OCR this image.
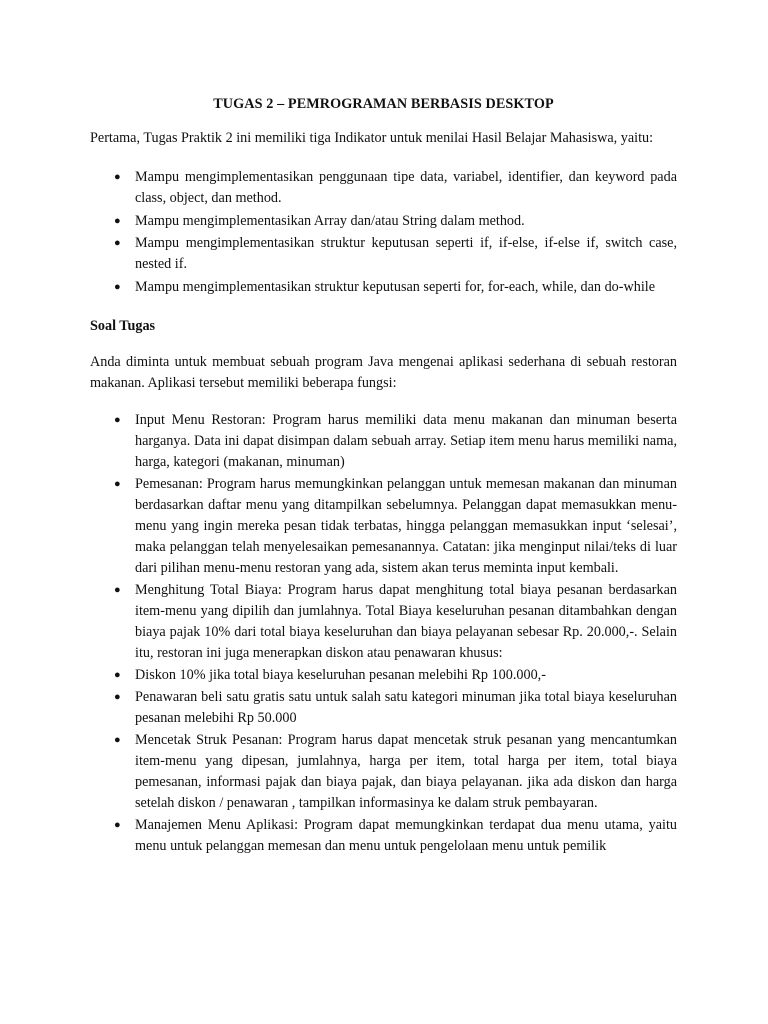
TUGAS 2 – PEMROGRAMAN BERBASIS DESKTOP

Pertama, Tugas Praktik 2 ini memiliki tiga Indikator untuk menilai Hasil Belajar Mahasiswa, yaitu:

● Mampu mengimplementasikan penggunaan tipe data, variabel, identifier, dan keyword pada class, object, dan method.
● Mampu mengimplementasikan Array dan/atau String dalam method.
● Mampu mengimplementasikan struktur keputusan seperti if, if-else, if-else if, switch case, nested if.
● Mampu mengimplementasikan struktur keputusan seperti for, for-each, while, dan do-while

Soal Tugas

Anda diminta untuk membuat sebuah program Java mengenai aplikasi sederhana di sebuah restoran makanan. Aplikasi tersebut memiliki beberapa fungsi:

● Input Menu Restoran: Program harus memiliki data menu makanan dan minuman beserta harganya. Data ini dapat disimpan dalam sebuah array. Setiap item menu harus memiliki nama, harga, kategori (makanan, minuman)
● Pemesanan: Program harus memungkinkan pelanggan untuk memesan makanan dan minuman berdasarkan daftar menu yang ditampilkan sebelumnya. Pelanggan dapat memasukkan menu-menu yang ingin mereka pesan tidak terbatas, hingga pelanggan memasukkan input ‘selesai’, maka pelanggan telah menyelesaikan pemesanannya. Catatan: jika menginput nilai/teks di luar dari pilihan menu-menu restoran yang ada, sistem akan terus meminta input kembali.
● Menghitung Total Biaya: Program harus dapat menghitung total biaya pesanan berdasarkan item-menu yang dipilih dan jumlahnya. Total Biaya keseluruhan pesanan ditambahkan dengan biaya pajak 10% dari total biaya keseluruhan dan biaya pelayanan sebesar Rp. 20.000,-. Selain itu, restoran ini juga menerapkan diskon atau penawaran khusus:
● Diskon 10% jika total biaya keseluruhan pesanan melebihi Rp 100.000,-
● Penawaran beli satu gratis satu untuk salah satu kategori minuman jika total biaya keseluruhan pesanan melebihi Rp 50.000
● Mencetak Struk Pesanan: Program harus dapat mencetak struk pesanan yang mencantumkan item-menu yang dipesan, jumlahnya, harga per item, total harga per item, total biaya pemesanan, informasi pajak dan biaya pajak, dan biaya pelayanan. jika ada diskon dan harga setelah diskon / penawaran , tampilkan informasinya ke dalam struk pembayaran.
● Manajemen Menu Aplikasi: Program dapat memungkinkan terdapat dua menu utama, yaitu menu untuk pelanggan memesan dan menu untuk pengelolaan menu untuk pemilik
